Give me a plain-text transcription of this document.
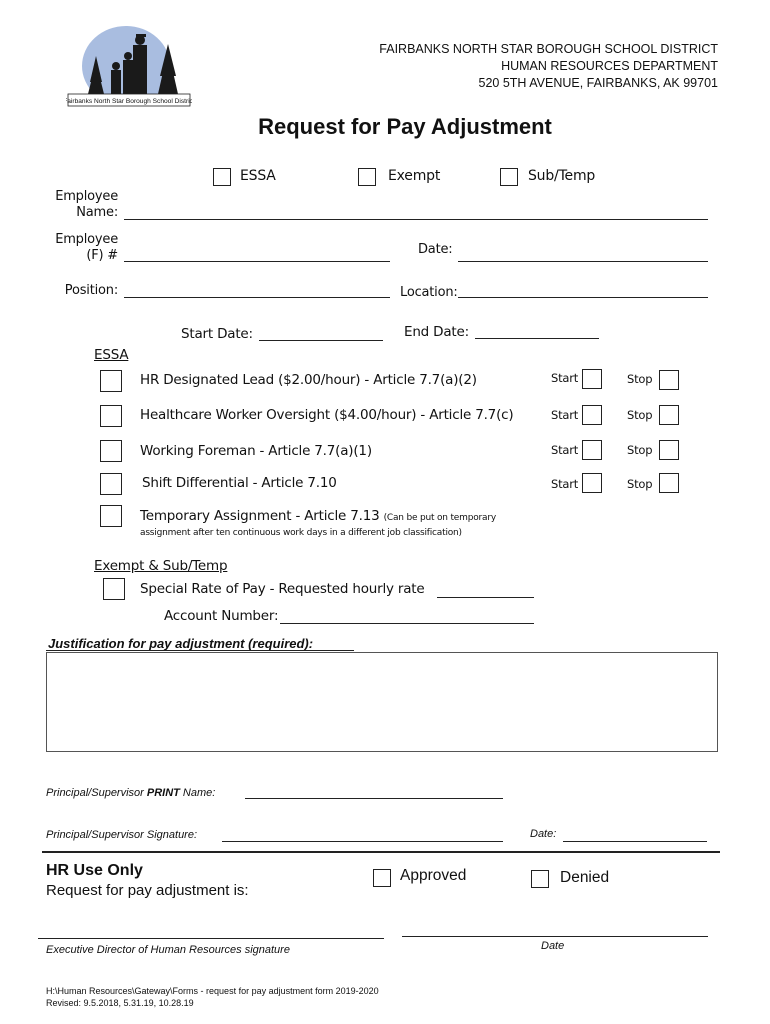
Fairbanks North Star Borough School District
FAIRBANKS NORTH STAR BOROUGH SCHOOL DISTRICT
HUMAN RESOURCES DEPARTMENT
520 5TH AVENUE, FAIRBANKS, AK 99701
Request for Pay Adjustment
ESSA	Exempt	Sub/Temp
Employee
Name:
Employee
(F) #	Date:
Position:	Location:
Start Date:	End Date:
ESSA
HR Designated Lead ($2.00/hour) - Article 7.7(a)(2)	Start	Stop
Healthcare Worker Oversight ($4.00/hour) - Article 7.7(c)	Start	Stop
Working Foreman - Article 7.7(a)(1)	Start	Stop
Shift Differential - Article 7.10	Start	Stop
Temporary Assignment - Article 7.13 (Can be put on temporary
assignment after ten continuous work days in a different job classification)
Exempt & Sub/Temp
Special Rate of Pay - Requested hourly rate
Account Number:
Justification for pay adjustment (required):
Principal/Supervisor PRINT Name:
Principal/Supervisor Signature:	Date:
HR Use Only
Request for pay adjustment is:
Approved	Denied
Executive Director of Human Resources signature	Date
H:\Human Resources\Gateway\Forms - request for pay adjustment form 2019-2020
Revised: 9.5.2018, 5.31.19, 10.28.19
